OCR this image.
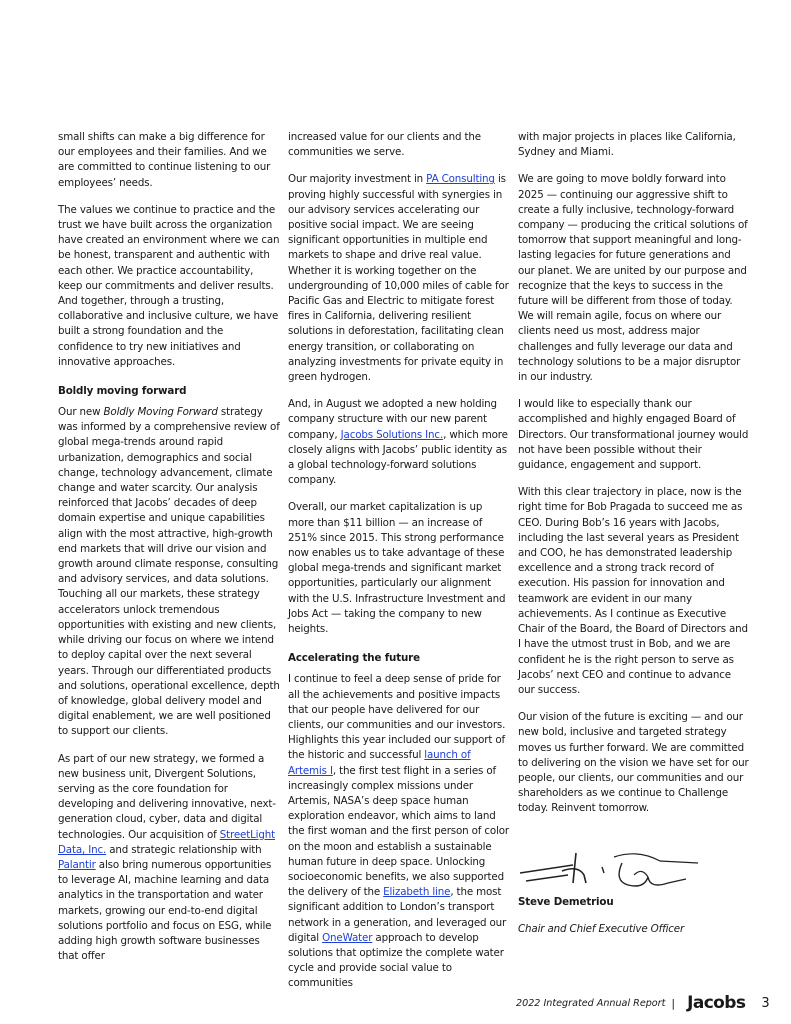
small shifts can make a big difference for our employees and their families. And we are committed to continue listening to our employees’ needs.

The values we continue to practice and the trust we have built across the organization have created an environment where we can be honest, transparent and authentic with each other. We practice accountability, keep our commitments and deliver results. And together, through a trusting, collaborative and inclusive culture, we have built a strong foundation and the confidence to try new initiatives and innovative approaches.

Boldly moving forward

Our new Boldly Moving Forward strategy was informed by a comprehensive review of global mega-trends around rapid urbanization, demographics and social change, technology advancement, climate change and water scarcity. Our analysis reinforced that Jacobs’ decades of deep domain expertise and unique capabilities align with the most attractive, high-growth end markets that will drive our vision and growth around climate response, consulting and advisory services, and data solutions. Touching all our markets, these strategy accelerators unlock tremendous opportunities with existing and new clients, while driving our focus on where we intend to deploy capital over the next several years. Through our differentiated products and solutions, operational excellence, depth of knowledge, global delivery model and digital enablement, we are well positioned to support our clients.

As part of our new strategy, we formed a new business unit, Divergent Solutions, serving as the core foundation for developing and delivering innovative, next-generation cloud, cyber, data and digital technologies. Our acquisition of StreetLight Data, Inc. and strategic relationship with Palantir also bring numerous opportunities to leverage AI, machine learning and data analytics in the transportation and water markets, growing our end-to-end digital solutions portfolio and focus on ESG, while adding high growth software businesses that offer

increased value for our clients and the communities we serve.

Our majority investment in PA Consulting is proving highly successful with synergies in our advisory services accelerating our positive social impact. We are seeing significant opportunities in multiple end markets to shape and drive real value. Whether it is working together on the undergrounding of 10,000 miles of cable for Pacific Gas and Electric to mitigate forest fires in California, delivering resilient solutions in deforestation, facilitating clean energy transition, or collaborating on analyzing investments for private equity in green hydrogen.

And, in August we adopted a new holding company structure with our new parent company, Jacobs Solutions Inc., which more closely aligns with Jacobs’ public identity as a global technology-forward solutions company.

Overall, our market capitalization is up more than $11 billion — an increase of 251% since 2015. This strong performance now enables us to take advantage of these global mega-trends and significant market opportunities, particularly our alignment with the U.S. Infrastructure Investment and Jobs Act — taking the company to new heights.

Accelerating the future

I continue to feel a deep sense of pride for all the achievements and positive impacts that our people have delivered for our clients, our communities and our investors. Highlights this year included our support of the historic and successful launch of Artemis I, the first test flight in a series of increasingly complex missions under Artemis, NASA’s deep space human exploration endeavor, which aims to land the first woman and the first person of color on the moon and establish a sustainable human future in deep space. Unlocking socioeconomic benefits, we also supported the delivery of the Elizabeth line, the most significant addition to London’s transport network in a generation, and leveraged our digital OneWater approach to develop solutions that optimize the complete water cycle and provide social value to communities

with major projects in places like California, Sydney and Miami.

We are going to move boldly forward into 2025 — continuing our aggressive shift to create a fully inclusive, technology-forward company — producing the critical solutions of tomorrow that support meaningful and long-lasting legacies for future generations and our planet. We are united by our purpose and recognize that the keys to success in the future will be different from those of today. We will remain agile, focus on where our clients need us most, address major challenges and fully leverage our data and technology solutions to be a major disruptor in our industry.

I would like to especially thank our accomplished and highly engaged Board of Directors. Our transformational journey would not have been possible without their guidance, engagement and support.

With this clear trajectory in place, now is the right time for Bob Pragada to succeed me as CEO. During Bob’s 16 years with Jacobs, including the last several years as President and COO, he has demonstrated leadership excellence and a strong track record of execution. His passion for innovation and teamwork are evident in our many achievements. As I continue as Executive Chair of the Board, the Board of Directors and I have the utmost trust in Bob, and we are confident he is the right person to serve as Jacobs’ next CEO and continue to advance our success.

Our vision of the future is exciting — and our new bold, inclusive and targeted strategy moves us further forward. We are committed to delivering on the vision we have set for our people, our clients, our communities and our shareholders as we continue to Challenge today. Reinvent tomorrow.

Steve Demetriou

Chair and Chief Executive Officer

2022 Integrated Annual Report | Jacobs 3
